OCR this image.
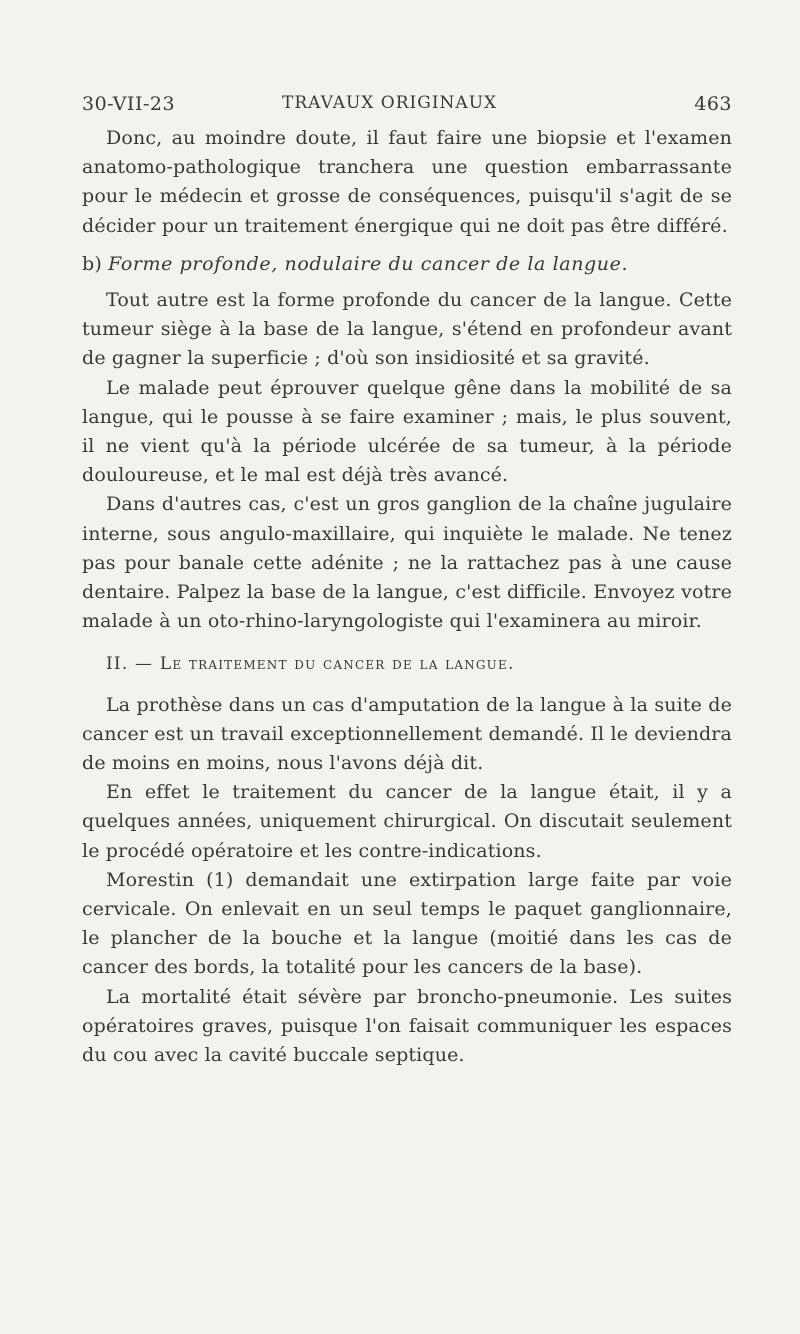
30-VII-23	TRAVAUX ORIGINAUX	463

Donc, au moindre doute, il faut faire une biopsie et l'examen anatomo-pathologique tranchera une question embarrassante pour le médecin et grosse de conséquences, puisqu'il s'agit de se décider pour un traitement énergique qui ne doit pas être différé.

b) Forme profonde, nodulaire du cancer de la langue.

Tout autre est la forme profonde du cancer de la langue. Cette tumeur siège à la base de la langue, s'étend en profondeur avant de gagner la superficie ; d'où son insidiosité et sa gravité.

Le malade peut éprouver quelque gêne dans la mobilité de sa langue, qui le pousse à se faire examiner ; mais, le plus souvent, il ne vient qu'à la période ulcérée de sa tumeur, à la période douloureuse, et le mal est déjà très avancé.

Dans d'autres cas, c'est un gros ganglion de la chaîne jugulaire interne, sous angulo-maxillaire, qui inquiète le malade. Ne tenez pas pour banale cette adénite ; ne la rattachez pas à une cause dentaire. Palpez la base de la langue, c'est difficile. Envoyez votre malade à un oto-rhino-laryngologiste qui l'examinera au miroir.

II. — Le traitement du cancer de la langue.

La prothèse dans un cas d'amputation de la langue à la suite de cancer est un travail exceptionnellement demandé. Il le deviendra de moins en moins, nous l'avons déjà dit.

En effet le traitement du cancer de la langue était, il y a quelques années, uniquement chirurgical. On discutait seulement le procédé opératoire et les contre-indications.

Morestin (1) demandait une extirpation large faite par voie cervicale. On enlevait en un seul temps le paquet ganglionnaire, le plancher de la bouche et la langue (moitié dans les cas de cancer des bords, la totalité pour les cancers de la base).

La mortalité était sévère par broncho-pneumonie. Les suites opératoires graves, puisque l'on faisait communiquer les espaces du cou avec la cavité buccale septique.
